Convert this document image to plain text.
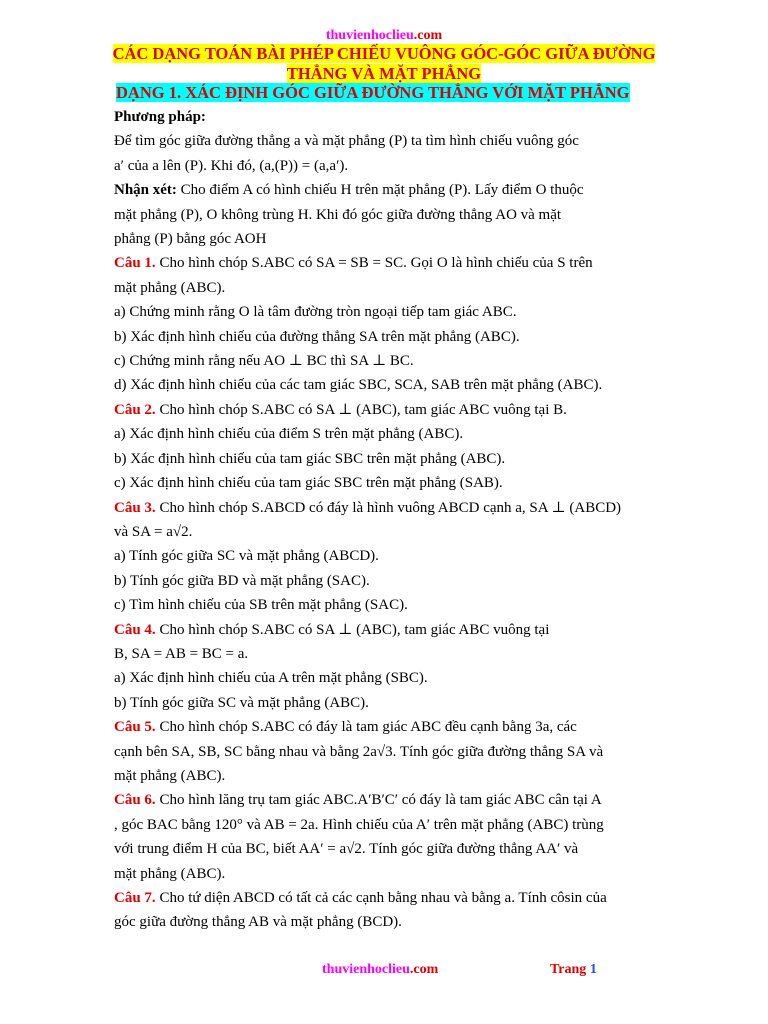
thuvienhoclieu.com
CÁC DẠNG TOÁN BÀI PHÉP CHIẾU VUÔNG GÓC-GÓC GIỮA ĐƯỜNG
THẲNG VÀ MẶT PHẲNG
DẠNG 1. XÁC ĐỊNH GÓC GIỮA ĐƯỜNG THẲNG VỚI MẶT PHẲNG
Phương pháp:
Để tìm góc giữa đường thẳng a và mặt phẳng (P) ta tìm hình chiếu vuông góc
a′ của a lên (P). Khi đó, (a,(P)) = (a,a′).
Nhận xét: Cho điểm A có hình chiếu H trên mặt phẳng (P). Lấy điểm O thuộc
mặt phẳng (P), O không trùng H. Khi đó góc giữa đường thẳng AO và mặt
phẳng (P) bằng góc AOH
Câu 1. Cho hình chóp S.ABC có SA = SB = SC. Gọi O là hình chiếu của S trên
mặt phẳng (ABC).
a) Chứng minh rằng O là tâm đường tròn ngoại tiếp tam giác ABC.
b) Xác định hình chiếu của đường thẳng SA trên mặt phẳng (ABC).
c) Chứng minh rằng nếu AO ⊥ BC thì SA ⊥ BC.
d) Xác định hình chiếu của các tam giác SBC, SCA, SAB trên mặt phẳng (ABC).
Câu 2. Cho hình chóp S.ABC có SA ⊥ (ABC), tam giác ABC vuông tại B.
a) Xác định hình chiếu của điểm S trên mặt phẳng (ABC).
b) Xác định hình chiếu của tam giác SBC trên mặt phẳng (ABC).
c) Xác định hình chiếu của tam giác SBC trên mặt phẳng (SAB).
Câu 3. Cho hình chóp S.ABCD có đáy là hình vuông ABCD cạnh a, SA ⊥ (ABCD)
và SA = a√2.
a) Tính góc giữa SC và mặt phẳng (ABCD).
b) Tính góc giữa BD và mặt phẳng (SAC).
c) Tìm hình chiếu của SB trên mặt phẳng (SAC).
Câu 4. Cho hình chóp S.ABC có SA ⊥ (ABC), tam giác ABC vuông tại
B, SA = AB = BC = a.
a) Xác định hình chiếu của A trên mặt phẳng (SBC).
b) Tính góc giữa SC và mặt phẳng (ABC).
Câu 5. Cho hình chóp S.ABC có đáy là tam giác ABC đều cạnh bằng 3a, các
cạnh bên SA, SB, SC bằng nhau và bằng 2a√3. Tính góc giữa đường thẳng SA và
mặt phẳng (ABC).
Câu 6. Cho hình lăng trụ tam giác ABC.A′B′C′ có đáy là tam giác ABC cân tại A
, góc BAC bằng 120° và AB = 2a. Hình chiếu của A′ trên mặt phẳng (ABC) trùng
với trung điểm H của BC, biết AA′ = a√2. Tính góc giữa đường thẳng AA′ và
mặt phẳng (ABC).
Câu 7. Cho tứ diện ABCD có tất cả các cạnh bằng nhau và bằng a. Tính côsin của
góc giữa đường thẳng AB và mặt phẳng (BCD).
thuvienhoclieu.com	Trang 1
